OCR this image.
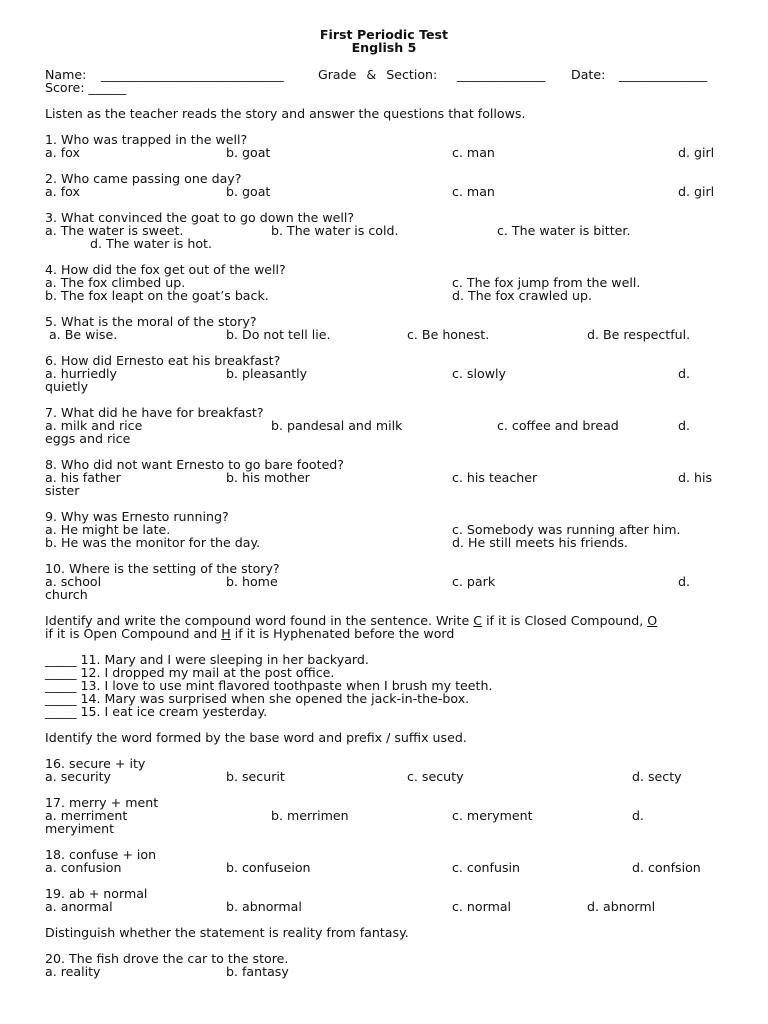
First Periodic Test
English 5
Name: _____________________________	Grade & Section: ______________ Date: ______________
Score: ______
Listen as the teacher reads the story and answer the questions that follows.
1. Who was trapped in the well?
a. fox	b. goat	c. man	d. girl
2. Who came passing one day?
a. fox	b. goat	c. man	d. girl
3. What convinced the goat to go down the well?
a. The water is sweet.	b. The water is cold.	c. The water is bitter.
d. The water is hot.
4. How did the fox get out of the well?
a. The fox climbed up.	c. The fox jump from the well.
b. The fox leapt on the goat’s back.	d. The fox crawled up.
5. What is the moral of the story?
a. Be wise.	b. Do not tell lie.	c. Be honest.	d. Be respectful.
6. How did Ernesto eat his breakfast?
a. hurriedly	b. pleasantly	c. slowly	d.
quietly
7. What did he have for breakfast?
a. milk and rice	b. pandesal and milk	c. coffee and bread	d.
eggs and rice
8. Who did not want Ernesto to go bare footed?
a. his father	b. his mother	c. his teacher	d. his
sister
9. Why was Ernesto running?
a. He might be late.	c. Somebody was running after him.
b. He was the monitor for the day.	d. He still meets his friends.
10. Where is the setting of the story?
a. school	b. home	c. park	d.
church
Identify and write the compound word found in the sentence. Write C if it is Closed Compound, O
if it is Open Compound and H if it is Hyphenated before the word
_____ 11. Mary and I were sleeping in her backyard.
_____ 12. I dropped my mail at the post office.
_____ 13. I love to use mint flavored toothpaste when I brush my teeth.
_____ 14. Mary was surprised when she opened the jack-in-the-box.
_____ 15. I eat ice cream yesterday.
Identify the word formed by the base word and prefix / suffix used.
16. secure + ity
a. security	b. securit	c. secuty	d. secty
17. merry + ment
a. merriment	b. merrimen	c. meryment	d.
meryiment
18. confuse + ion
a. confusion	b. confuseion	c. confusin	d. confsion
19. ab + normal
a. anormal	b. abnormal	c. normal	d. abnorml
Distinguish whether the statement is reality from fantasy.
20. The fish drove the car to the store.
a. reality	b. fantasy
